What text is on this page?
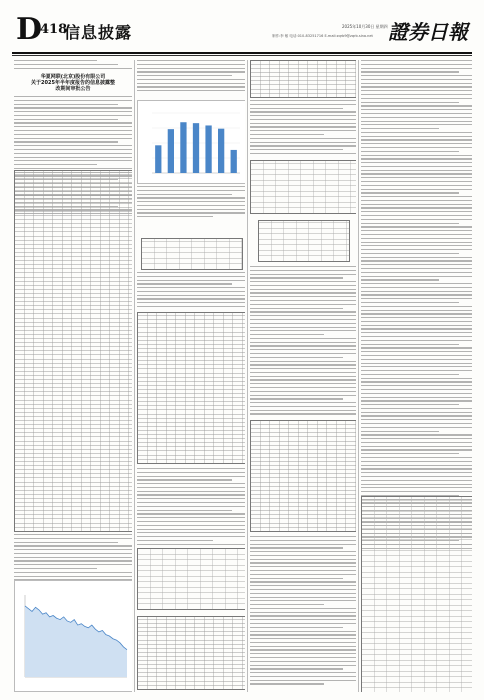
D
418
信息披露	2025年10月30日 星期四
制作:李 敏 电话:010-83251716 E-mail:zqrb9@zqrb.sina.net 證券日報
华夏网联(北京)股份有限公司
关于2025年半年度报告的信息披露整
改期间审批公告
